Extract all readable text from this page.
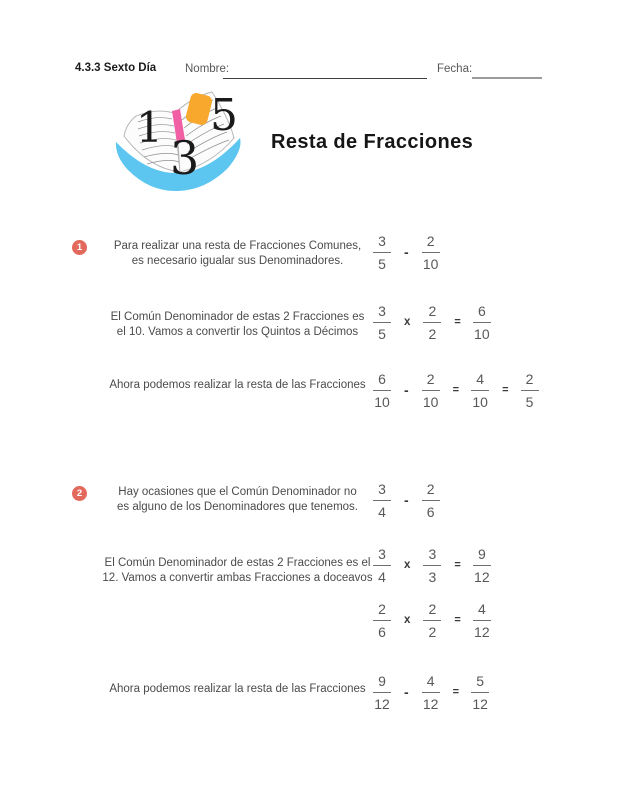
4.3.3 Sexto Día	Nombre:	Fecha:
1
3
5
Resta de Fracciones
1	Para realizar una resta de Fracciones Comunes,
es necesario igualar sus Denominadores.	$\frac{3}{5} - \frac{2}{10}$
El Común Denominador de estas 2 Fracciones es
el 10. Vamos a convertir los Quintos a Décimos	$\frac{3}{5}$ x $\frac{2}{2} = \frac{6}{10}$
Ahora podemos realizar la resta de las Fracciones $\frac{6}{10} - \frac{2}{10} = \frac{4}{10} = \frac{2}{5}$
2	Hay ocasiones que el Común Denominador no
es alguno de los Denominadores que tenemos.	$\frac{3}{4} - \frac{2}{6}$
El Común Denominador de estas 2 Fracciones es el
12. Vamos a convertir ambas Fracciones a doceavos $\frac{3}{4}$ x $\frac{3}{3} = \frac{9}{12}$
$\frac{2}{6}$ x $\frac{2}{2} = \frac{4}{12}$
Ahora podemos realizar la resta de las Fracciones $\frac{9}{12} - \frac{4}{12} = \frac{5}{12}$
